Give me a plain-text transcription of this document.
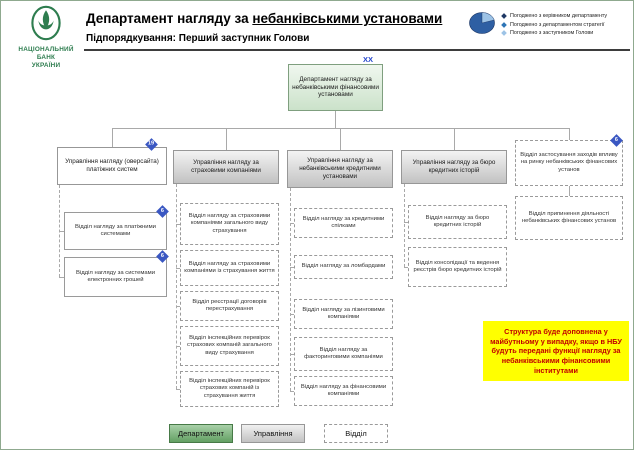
НАЦІОНАЛЬНИЙ
БАНК
УКРАЇНИ
Департамент нагляду за небанківськими установами
Підпорядкування: Перший заступник Голови
Погоджено з керівником департаменту
Погоджено з департаментом стратегії
Погоджено з заступником Голови
XX
Департамент нагляду за небанківськими фінансовими установами
19
Управління нагляду (оверсайта) платіжних систем
6
Відділ нагляду за платіжними системами
6
Відділ нагляду за системами електронних грошей
Управління нагляду за страховими компаніями
Відділ нагляду за страховими компаніями загального виду страхування
Відділ нагляду за страховими компаніями із страхування життя
Відділ реєстрації договорів перестрахування
Відділ інспекційних перевірок страхових компаній загального виду страхування
Відділ інспекційних перевірок страхових компаній із страхування життя
Управління нагляду за небанківськими кредитними установами
Відділ нагляду за кредитними спілками
Відділ нагляду за ломбардами
Відділ нагляду за лізинговими компаніями
Відділ нагляду за факторинговими компаніями
Відділ нагляду за фінансовими компаніями
Управління нагляду за бюро кредитних історій
Відділ нагляду за бюро кредитних історій
Відділ консолідації та ведення реєстрів бюро кредитних історій
6
Відділ застосування заходів впливу на ринку небанківських фінансових установ
Відділ припинення діяльності небанківських фінансових установ
Структура буде доповнена у майбутньому у випадку, якщо в НБУ будуть передані функції нагляду за небанківськими фінансовими інститутами
Департамент	Управління	Відділ
